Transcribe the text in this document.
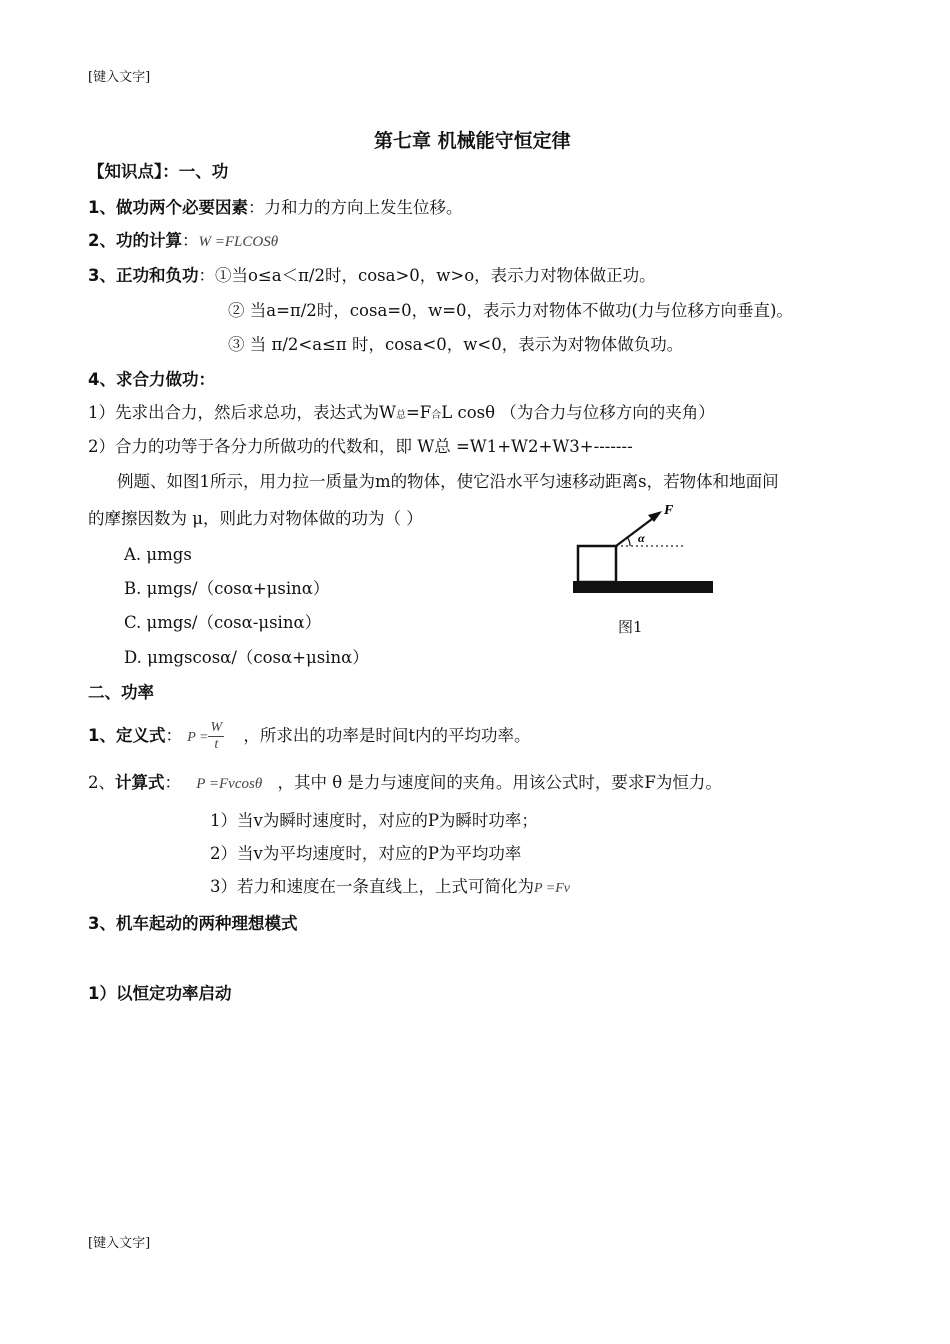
[键入文字]
第七章 机械能守恒定律
【知识点】：一、功
1、做功两个必要因素：力和力的方向上发生位移。
2、功的计算：W =FLCOSθ
3、正功和负功：①当o≤a＜π/2时，cosa>0，w>o，表示力对物体做正功。
② 当a=π/2时，cosa=0，w=0，表示力对物体不做功(力与位移方向垂直)。
③ 当 π/2<a≤π 时，cosa<0，w<0，表示为对物体做负功。
4、求合力做功：
1）先求出合力，然后求总功，表达式为W总=F合L cosθ （为合力与位移方向的夹角）
2）合力的功等于各分力所做功的代数和，即 W总 =W1+W2+W3+-------
例题、如图1所示，用力拉一质量为m的物体，使它沿水平匀速移动距离s，若物体和地面间
的摩擦因数为 μ，则此力对物体做的功为（ ）
A. μmgs
B. μmgs/（cosα+μsinα）
C. μmgs/（cosα-μsinα）
D. μmgscosα/（cosα+μsinα）
F
α
图1
二、功率
1、定义式： $P = \frac{W}{t}$ ，所求出的功率是时间t内的平均功率。
2、计算式： P =Fvcosθ ，其中 θ 是力与速度间的夹角。用该公式时，要求F为恒力。
1）当v为瞬时速度时，对应的P为瞬时功率；
2）当v为平均速度时，对应的P为平均功率
3）若力和速度在一条直线上，上式可简化为P =Fv
3、机车起动的两种理想模式
1）以恒定功率启动
[键入文字]
